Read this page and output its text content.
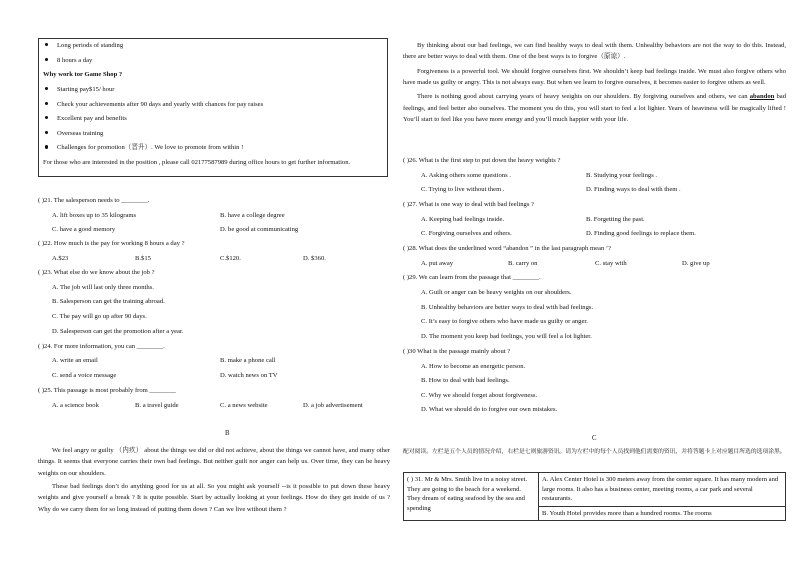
Long periods of standing
8 hours a day
Why work tor Game Shop ?
Starting pay$15/ hour
Check your achievements after 90 days and yearly with chances for pay raises
Excellent pay and benefits
Overseas training
Challenges for promotion（晋升）. We love to promote from within !
For those who are interested in the position , please call 02177587989 during office hours to get further information.
( )21. The salesperson needs to ________.
A. lift boxes up to 35 kilograms	B. have a college degree
C. have a good memory	D. be good at communicating
( )22. How much is the pay for working 8 hours a day ?
A.$23	B.$15	C.$120.	D. $360.
( )23. What else do we know about the job ?
A. The job will last only three months.
B. Salesperson can get the training abroad.
C. The pay will go up after 90 days.
D. Salesperson can get the promotion after a year.
( )24. For more information, you can ________.
A. write an email	B. make a phone call
C. send a voice message	D. watch news on TV
( )25. This passage is most probably from ________
A. a science book	B. a travel guide	C. a news website	D. a job advertisement
B

We feel angry or guilty （内疚） about the things we did or did not achieve, about the things we cannot have, and many other things. It seems that everyone carries their own bad feelings. But neither guilt nor anger can help us. Over time, they can be heavy weights on our shoulders.

These bad feelings don’t do anything good for us at all. So you might ask yourself --is it possible to put down these heavy weights and give yourself a break ? It is quite possible. Start by actually looking at your feelings. How do they get inside of us ? Why do we carry them for so long instead of putting them down ? Can we live without them ?

By thinking about our bad feelings, we can find healthy ways to deal with them. Unhealthy behaviors are not the way to do this. Instead, there are better ways to deal with them. One of the best ways is to forgive（原谅）.

Forgiveness is a powerful tool. We should forgive ourselves first. We shouldn’t keep bad feelings inside. We must also forgive others who have made us guilty or angry. This is not always easy. But when we learn to forgive ourselves, it becomes easier to forgive others as well.

There is nothing good about carrying years of heavy weights on our shoulders. By forgiving ourselves and others, we can abandon bad feelings, and feel better abo ourselves. The moment you do this, you will start to feel a lot lighter. Years of heaviness will be magically lifted ! You’ll start to feel like you have more energy and you’ll much happier with your life.

( )26. What is the first step to put down the heavy weights ?
A. Asking others some questions .	B. Studying your feelings .
C. Trying to live without them .	D. Finding ways to deal with them .
( )27. What is one way to deal with bad feelings ?
A. Keeping bad feelings inside.	B. Forgetting the past.
C. Forgiving ourselves and others.	D. Finding good feelings to replace them.
( )28. What does the underlined word “abandon ” in the last paragraph mean ’?
A. put away	B. carry on	C. stay with	D. give up
( )29. We can learn from the passage that ________.
A. Guilt or anger can be heavy weights on our shoulders.
B. Unhealthy behaviors are better ways to deal with bad feelings.
C. It’s easy to forgive others who have made us guilty or anger.
D. The moment you keep bad feelings, you will feel a lot lighter.
( )30 What is the passage mainly about ?
A. How to become an energetic person.
B. How to deal with bad feelings.
C. Why we should forget about forgiveness.
D. What we should do to forgive our own mistakes.
C
配对阅读。左栏是五个人员的情况介绍，右栏是七则旅游资讯。请为左栏中的每个人员找到他们需要的资讯，并将答题卡上对应题目所选的选项涂黑。
( ) 31. Mr & Mrs. Smith live in a noisy street. They are going to the beach for a weekend. They dream of eating seafood by the sea and spending	
A. Alex Center Hotel is 300 meters away from the center square. It has many modern and large rooms. It also has a business center, meeting rooms, a car park and several restaurants.
B. Youth Hotel provides more than a hundred rooms. The rooms
